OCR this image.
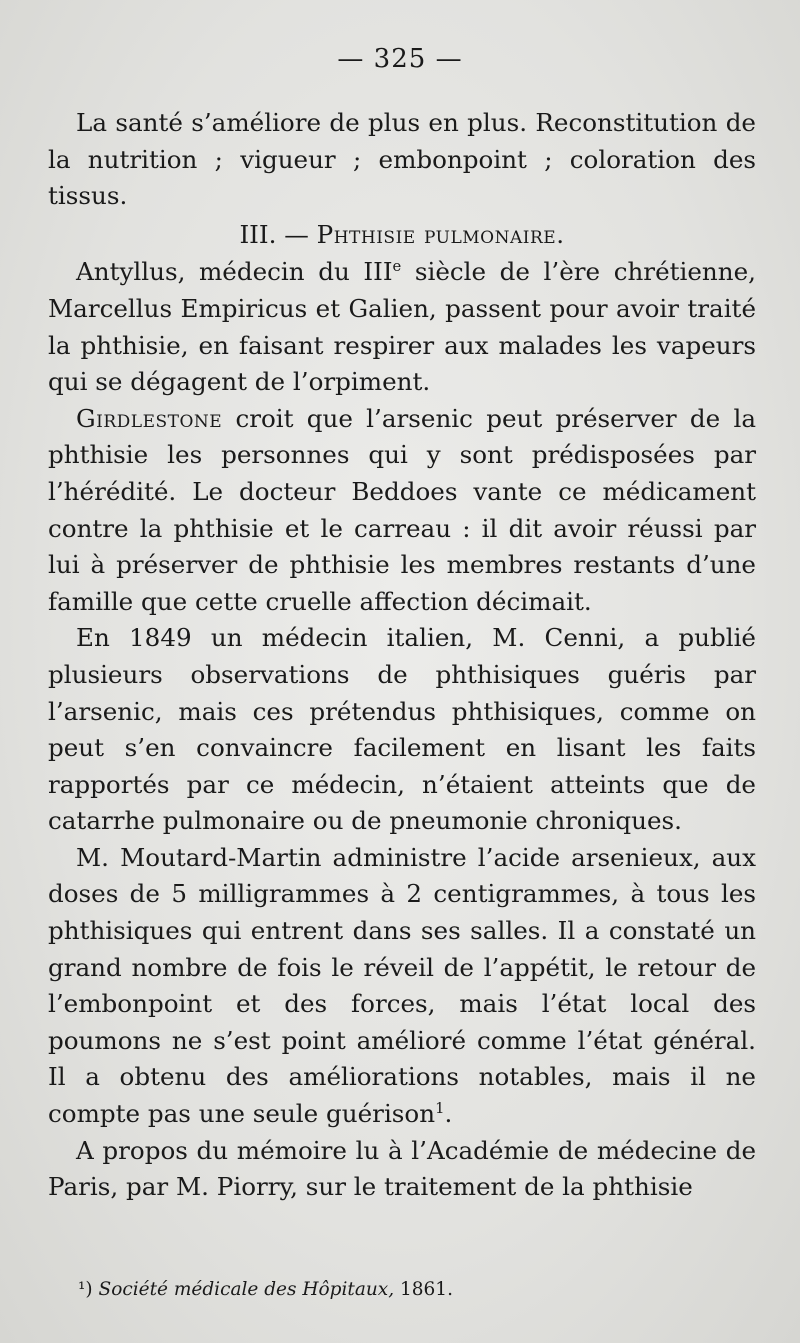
— 325 —

La santé s’améliore de plus en plus. Reconstitution de la nutrition ; vigueur ; embonpoint ; coloration des tissus.

III. — Phthisie pulmonaire.

Antyllus, médecin du IIIe siècle de l’ère chrétienne, Marcellus Empiricus et Galien, passent pour avoir traité la phthisie, en faisant respirer aux malades les vapeurs qui se dégagent de l’orpiment.

Girdlestone croit que l’arsenic peut préserver de la phthisie les personnes qui y sont prédisposées par l’hérédité. Le docteur Beddoes vante ce médicament contre la phthisie et le carreau : il dit avoir réussi par lui à préserver de phthisie les membres restants d’une famille que cette cruelle affection décimait.

En 1849 un médecin italien, M. Cenni, a publié plusieurs observations de phthisiques guéris par l’arsenic, mais ces prétendus phthisiques, comme on peut s’en convaincre facilement en lisant les faits rapportés par ce médecin, n’étaient atteints que de catarrhe pulmonaire ou de pneumonie chroniques.

M. Moutard-Martin administre l’acide arsenieux, aux doses de 5 milligrammes à 2 centigrammes, à tous les phthisiques qui entrent dans ses salles. Il a constaté un grand nombre de fois le réveil de l’appétit, le retour de l’embonpoint et des forces, mais l’état local des poumons ne s’est point amélioré comme l’état général. Il a obtenu des améliorations notables, mais il ne compte pas une seule guérison$^1$.

A propos du mémoire lu à l’Académie de médecine de Paris, par M. Piorry, sur le traitement de la phthisie

¹) Société médicale des Hôpitaux, 1861.
